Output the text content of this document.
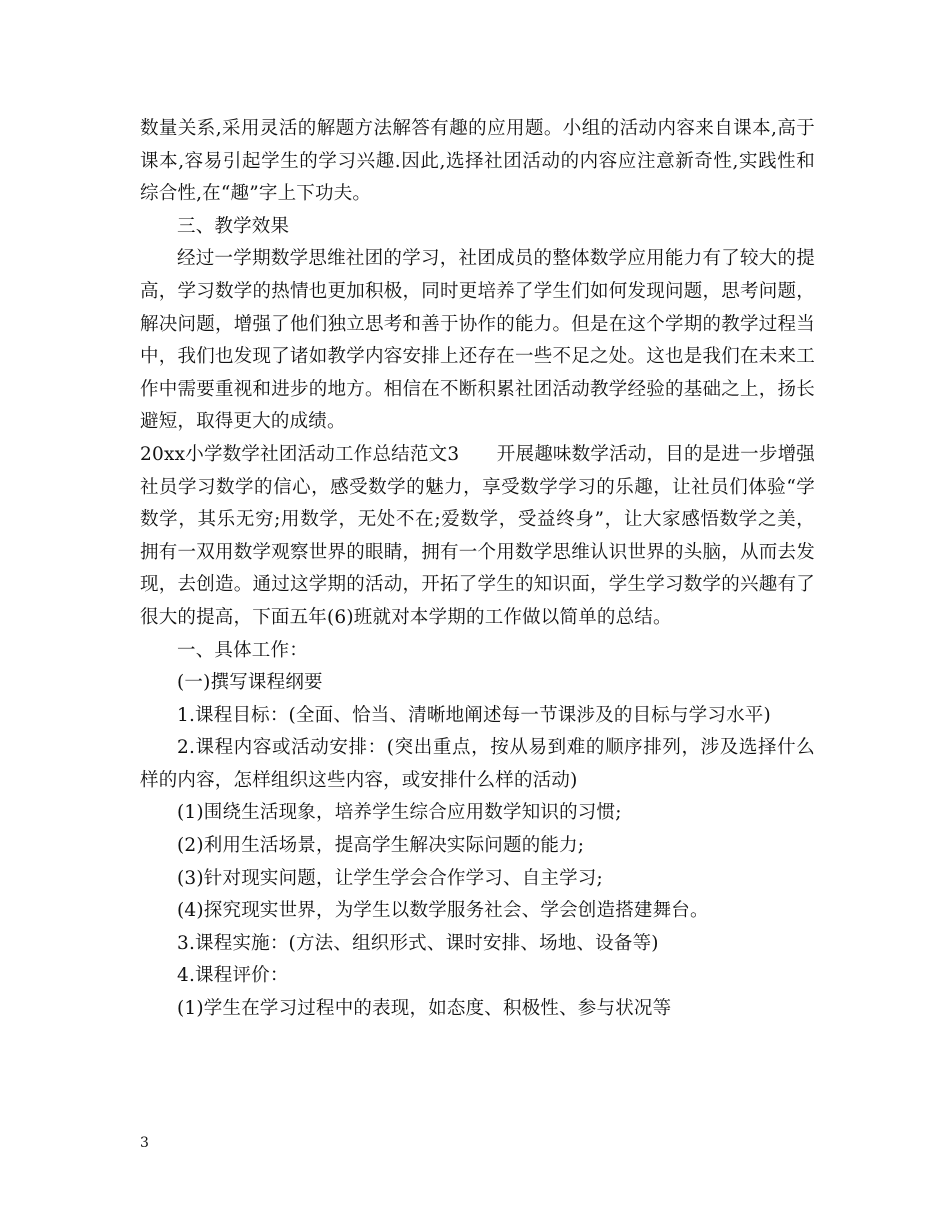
数量关系,采用灵活的解题方法解答有趣的应用题。小组的活动内容来自课本,高于课本,容易引起学生的学习兴趣.因此,选择社团活动的内容应注意新奇性,实践性和综合性,在“趣”字上下功夫。

三、教学效果

经过一学期数学思维社团的学习，社团成员的整体数学应用能力有了较大的提高，学习数学的热情也更加积极，同时更培养了学生们如何发现问题，思考问题，解决问题，增强了他们独立思考和善于协作的能力。但是在这个学期的教学过程当中，我们也发现了诸如教学内容安排上还存在一些不足之处。这也是我们在未来工作中需要重视和进步的地方。相信在不断积累社团活动教学经验的基础之上，扬长避短，取得更大的成绩。

20xx小学数学社团活动工作总结范文3　　开展趣味数学活动，目的是进一步增强社员学习数学的信心，感受数学的魅力，享受数学学习的乐趣，让社员们体验“学数学，其乐无穷;用数学，无处不在;爱数学，受益终身”，让大家感悟数学之美，拥有一双用数学观察世界的眼睛，拥有一个用数学思维认识世界的头脑，从而去发现，去创造。通过这学期的活动，开拓了学生的知识面，学生学习数学的兴趣有了很大的提高，下面五年(6)班就对本学期的工作做以简单的总结。

一、具体工作：

(一)撰写课程纲要

1.课程目标：(全面、恰当、清晰地阐述每一节课涉及的目标与学习水平)

2.课程内容或活动安排：(突出重点，按从易到难的顺序排列，涉及选择什么样的内容，怎样组织这些内容，或安排什么样的活动)

(1)围绕生活现象，培养学生综合应用数学知识的习惯;

(2)利用生活场景，提高学生解决实际问题的能力;

(3)针对现实问题，让学生学会合作学习、自主学习;

(4)探究现实世界，为学生以数学服务社会、学会创造搭建舞台。

3.课程实施：(方法、组织形式、课时安排、场地、设备等)

4.课程评价：

(1)学生在学习过程中的表现，如态度、积极性、参与状况等

3
